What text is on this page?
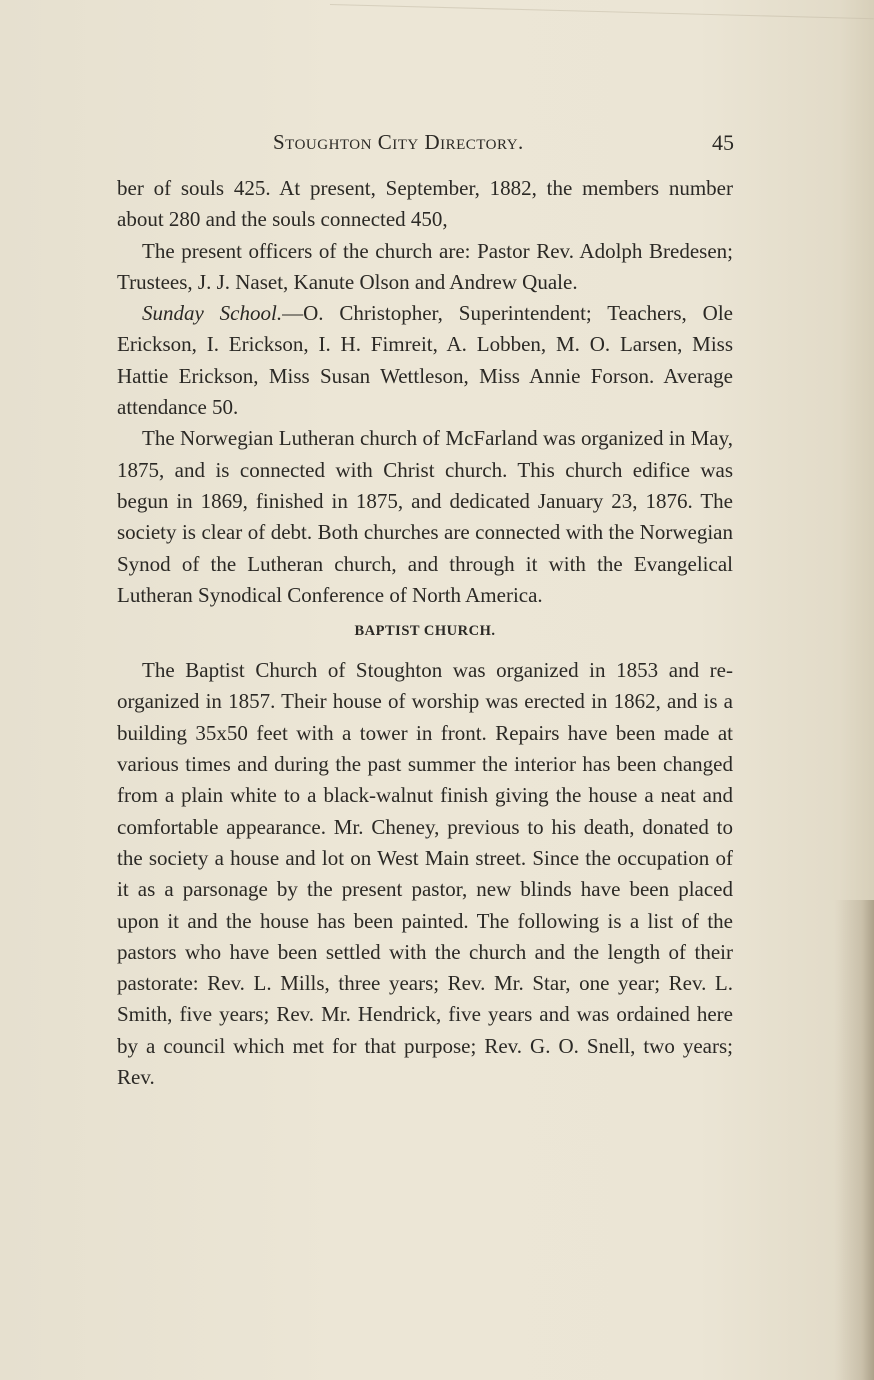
Stoughton City Directory.	45

ber of souls 425. At present, September, 1882, the members number about 280 and the souls connected 450,

The present officers of the church are: Pastor Rev. Adolph Bredesen; Trustees, J. J. Naset, Kanute Olson and Andrew Quale.

Sunday School.—O. Christopher, Superintendent; Teachers, Ole Erickson, I. Erickson, I. H. Fimreit, A. Lobben, M. O. Larsen, Miss Hattie Erickson, Miss Susan Wettleson, Miss Annie Forson. Average attendance 50.

The Norwegian Lutheran church of McFarland was organized in May, 1875, and is connected with Christ church. This church edifice was begun in 1869, finished in 1875, and dedicated January 23, 1876. The society is clear of debt. Both churches are connected with the Norwegian Synod of the Lutheran church, and through it with the Evangelical Lutheran Synodical Conference of North America.

BAPTIST CHURCH.

The Baptist Church of Stoughton was organized in 1853 and re-organized in 1857. Their house of worship was erected in 1862, and is a building 35x50 feet with a tower in front. Repairs have been made at various times and during the past summer the interior has been changed from a plain white to a black-walnut finish giving the house a neat and comfortable appearance. Mr. Cheney, previous to his death, donated to the society a house and lot on West Main street. Since the occupation of it as a parsonage by the present pastor, new blinds have been placed upon it and the house has been painted. The following is a list of the pastors who have been settled with the church and the length of their pastorate: Rev. L. Mills, three years; Rev. Mr. Star, one year; Rev. L. Smith, five years; Rev. Mr. Hendrick, five years and was ordained here by a council which met for that purpose; Rev. G. O. Snell, two years; Rev.
